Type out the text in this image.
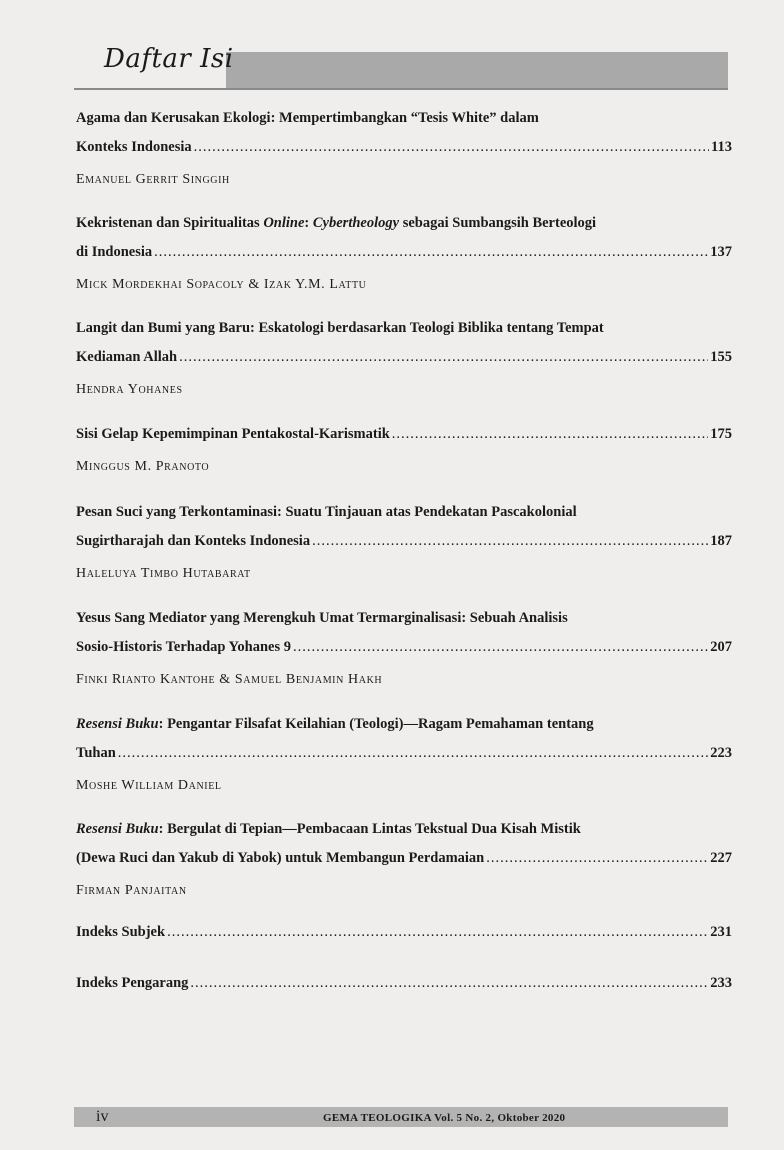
Daftar Isi
Agama dan Kerusakan Ekologi: Mempertimbangkan “Tesis White” dalam
Konteks Indonesia .....	113
Emanuel Gerrit Singgih
Kekristenan dan Spiritualitas Online: Cybertheology sebagai Sumbangsih Berteologi
di Indonesia .....	137
Mick Mordekhai Sopacoly & Izak Y.M. Lattu
Langit dan Bumi yang Baru: Eskatologi berdasarkan Teologi Biblika tentang Tempat
Kediaman Allah .....	155
Hendra Yohanes
Sisi Gelap Kepemimpinan Pentakostal-Karismatik .....	175
Minggus M. Pranoto
Pesan Suci yang Terkontaminasi: Suatu Tinjauan atas Pendekatan Pascakolonial
Sugirtharajah dan Konteks Indonesia .....	187
Haleluya Timbo Hutabarat
Yesus Sang Mediator yang Merengkuh Umat Termarginalisasi: Sebuah Analisis
Sosio-Historis Terhadap Yohanes 9 .....	207
Finki Rianto Kantohe & Samuel Benjamin Hakh
Resensi Buku: Pengantar Filsafat Keilahian (Teologi)—Ragam Pemahaman tentang
Tuhan .....	223
Moshe William Daniel
Resensi Buku: Bergulat di Tepian—Pembacaan Lintas Tekstual Dua Kisah Mistik
(Dewa Ruci dan Yakub di Yabok) untuk Membangun Perdamaian .....	227
Firman Panjaitan
Indeks Subjek .....	231
Indeks Pengarang .....	233
iv	GEMA TEOLOGIKA Vol. 5 No. 2, Oktober 2020
